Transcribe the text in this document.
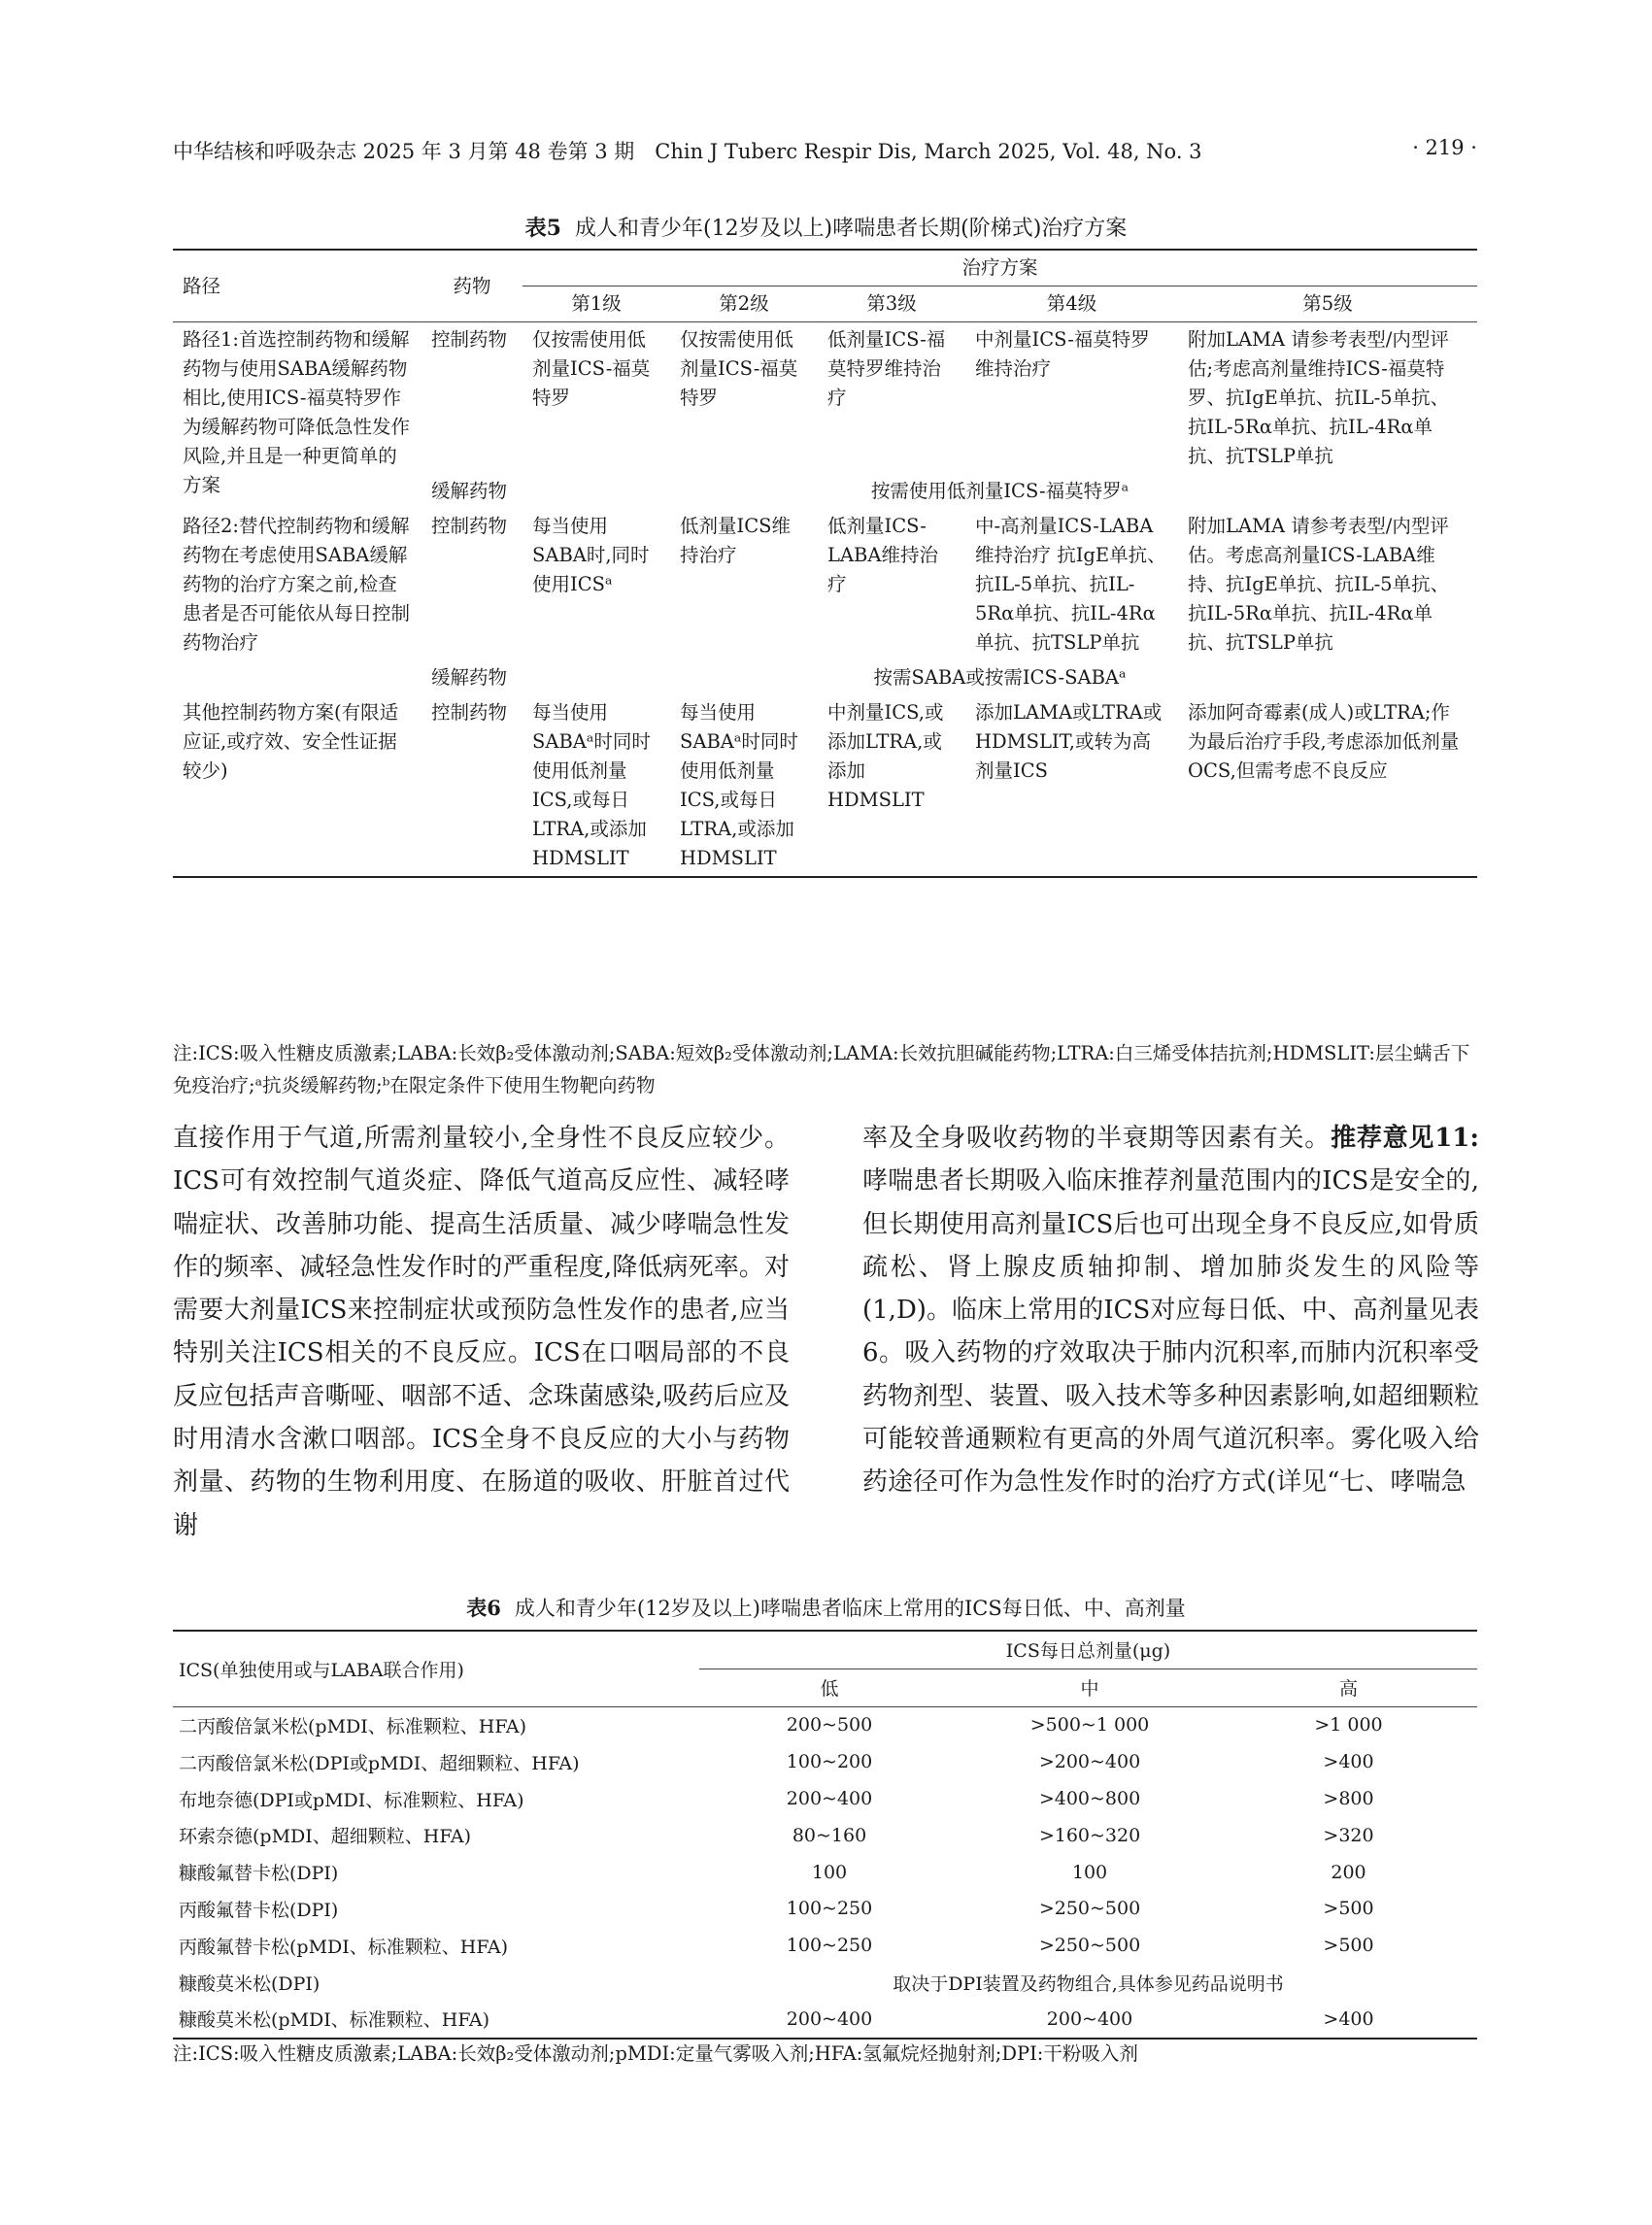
中华结核和呼吸杂志 2025 年 3 月第 48 卷第 3 期　Chin J Tuberc Respir Dis, March 2025, Vol. 48, No. 3	· 219 ·
表5 成人和青少年(12岁及以上)哮喘患者长期(阶梯式)治疗方案
路径	药物	治疗方案				
		第1级	第2级	第3级	第4级	第5级
路径1:首选控制药物和缓解药物与使用SABA缓解药物相比,使用ICS-福莫特罗作为缓解药物可降低急性发作风险,并且是一种更简单的方案	控制药物	仅按需使用低剂量ICS-福莫特罗	仅按需使用低剂量ICS-福莫特罗	低剂量ICS-福莫特罗维持治疗	中剂量ICS-福莫特罗维持治疗	附加LAMA 请参考表型/内型评估;考虑高剂量维持ICS-福莫特罗、抗IgE单抗、抗IL-5单抗、抗IL-5Rα单抗、抗IL-4Rα单抗、抗TSLP单抗
	缓解药物	按需使用低剂量ICS-福莫特罗ᵃ				
路径2:替代控制药物和缓解药物在考虑使用SABA缓解药物的治疗方案之前,检查患者是否可能依从每日控制药物治疗	控制药物	每当使用SABA时,同时使用ICSᵃ	低剂量ICS维持治疗	低剂量ICS-LABA维持治疗	中-高剂量ICS-LABA维持治疗 抗IgE单抗、抗IL-5单抗、抗IL-5Rα单抗、抗IL-4Rα单抗、抗TSLP单抗	附加LAMA 请参考表型/内型评估。考虑高剂量ICS-LABA维持、抗IgE单抗、抗IL-5单抗、抗IL-5Rα单抗、抗IL-4Rα单抗、抗TSLP单抗
	缓解药物	按需SABA或按需ICS-SABAᵃ				
其他控制药物方案(有限适应证,或疗效、安全性证据较少)	控制药物	每当使用SABAᵃ时同时使用低剂量ICS,或每日LTRA,或添加HDMSLIT	每当使用SABAᵃ时同时使用低剂量ICS,或每日LTRA,或添加HDMSLIT	中剂量ICS,或添加LTRA,或添加HDMSLIT	添加LAMA或LTRA或HDMSLIT,或转为高剂量ICS	添加阿奇霉素(成人)或LTRA;作为最后治疗手段,考虑添加低剂量OCS,但需考虑不良反应
注:ICS:吸入性糖皮质激素;LABA:长效β₂受体激动剂;SABA:短效β₂受体激动剂;LAMA:长效抗胆碱能药物;LTRA:白三烯受体拮抗剂;HDMSLIT:层尘螨舌下免疫治疗;ᵃ抗炎缓解药物;ᵇ在限定条件下使用生物靶向药物
直接作用于气道,所需剂量较小,全身性不良反应较少。ICS可有效控制气道炎症、降低气道高反应性、减轻哮喘症状、改善肺功能、提高生活质量、减少哮喘急性发作的频率、减轻急性发作时的严重程度,降低病死率。对需要大剂量ICS来控制症状或预防急性发作的患者,应当特别关注ICS相关的不良反应。ICS在口咽局部的不良反应包括声音嘶哑、咽部不适、念珠菌感染,吸药后应及时用清水含漱口咽部。ICS全身不良反应的大小与药物剂量、药物的生物利用度、在肠道的吸收、肝脏首过代谢
率及全身吸收药物的半衰期等因素有关。推荐意见11:哮喘患者长期吸入临床推荐剂量范围内的ICS是安全的,但长期使用高剂量ICS后也可出现全身不良反应,如骨质疏松、肾上腺皮质轴抑制、增加肺炎发生的风险等(1,D)。临床上常用的ICS对应每日低、中、高剂量见表6。吸入药物的疗效取决于肺内沉积率,而肺内沉积率受药物剂型、装置、吸入技术等多种因素影响,如超细颗粒可能较普通颗粒有更高的外周气道沉积率。雾化吸入给药途径可作为急性发作时的治疗方式(详见“七、哮喘急
表6 成人和青少年(12岁及以上)哮喘患者临床上常用的ICS每日低、中、高剂量
ICS(单独使用或与LABA联合作用)	ICS每日总剂量(μg)		
	低	中	高
二丙酸倍氯米松(pMDI、标准颗粒、HFA)	200~500	>500~1 000	>1 000
二丙酸倍氯米松(DPI或pMDI、超细颗粒、HFA)	100~200	>200~400	>400
布地奈德(DPI或pMDI、标准颗粒、HFA)	200~400	>400~800	>800
环索奈德(pMDI、超细颗粒、HFA)	80~160	>160~320	>320
糠酸氟替卡松(DPI)	100	100	200
丙酸氟替卡松(DPI)	100~250	>250~500	>500
丙酸氟替卡松(pMDI、标准颗粒、HFA)	100~250	>250~500	>500
糠酸莫米松(DPI)	取决于DPI装置及药物组合,具体参见药品说明书		
糠酸莫米松(pMDI、标准颗粒、HFA)	200~400	200~400	>400
注:ICS:吸入性糖皮质激素;LABA:长效β₂受体激动剂;pMDI:定量气雾吸入剂;HFA:氢氟烷烃抛射剂;DPI:干粉吸入剂
